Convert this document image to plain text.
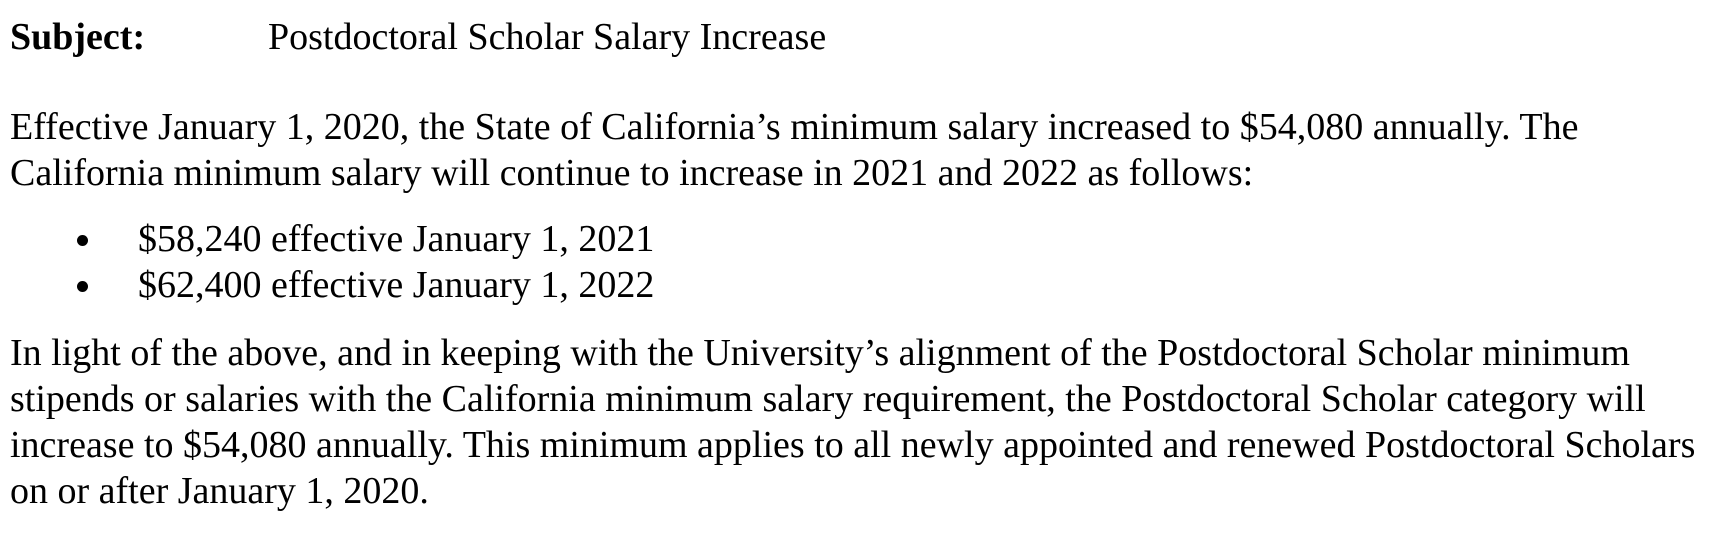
Subject:	Postdoctoral Scholar Salary Increase

Effective January 1, 2020, the State of California’s minimum salary increased to $54,080 annually. The California minimum salary will continue to increase in 2021 and 2022 as follows:

$58,240 effective January 1, 2021
$62,400 effective January 1, 2022

In light of the above, and in keeping with the University’s alignment of the Postdoctoral Scholar minimum stipends or salaries with the California minimum salary requirement, the Postdoctoral Scholar category will increase to $54,080 annually. This minimum applies to all newly appointed and renewed Postdoctoral Scholars on or after January 1, 2020.
